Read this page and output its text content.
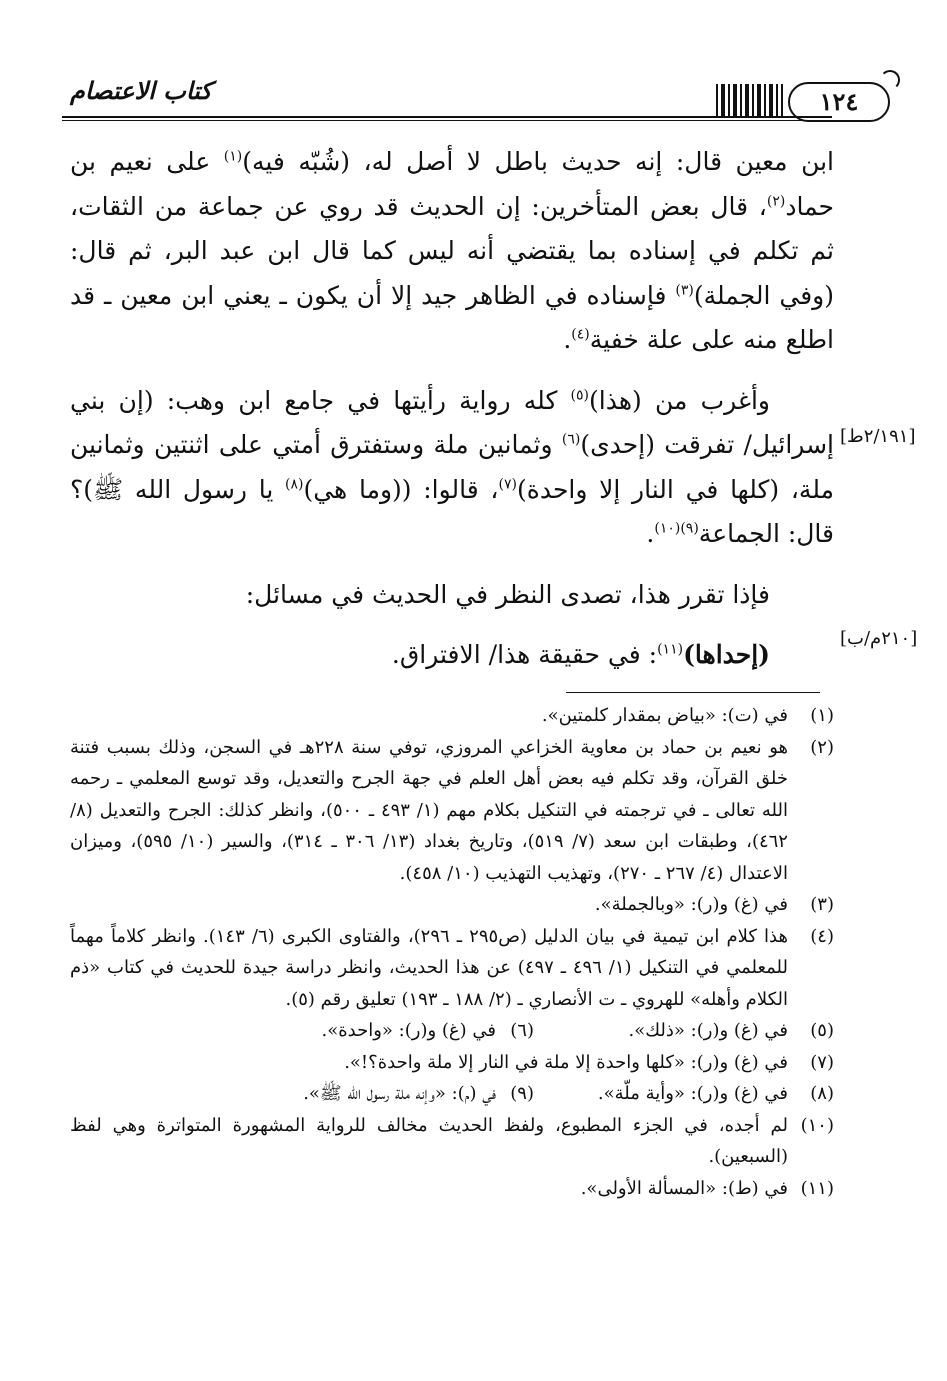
كتاب الاعتصام	١٢٤

ابن معين قال: إنه حديث باطل لا أصل له، (شُبّه فيه)$^{(١)}$ على نعيم بن حماد$^{(٢)}$، قال بعض المتأخرين: إن الحديث قد روي عن جماعة من الثقات، ثم تكلم في إسناده بما يقتضي أنه ليس كما قال ابن عبد البر، ثم قال: (وفي الجملة)$^{(٣)}$ فإسناده في الظاهر جيد إلا أن يكون ـ يعني ابن معين ـ قد اطلع منه على علة خفية$^{(٤)}$.

وأغرب من (هذا)$^{(٥)}$ كله رواية رأيتها في جامع ابن وهب: (إن بني إسرائيل/ تفرقت (إحدى)$^{(٦)}$ وثمانين ملة وستفترق أمتي على اثنتين وثمانين ملة، (كلها في النار إلا واحدة)$^{(٧)}$، قالوا: ((وما هي)$^{(٨)}$ يا رسول الله ﷺ)؟ قال: الجماعة$^{(٩)(١٠)}$.

فإذا تقرر هذا، تصدى النظر في الحديث في مسائل:

(إحداها)$^{(١١)}$: في حقيقة هذا/ الافتراق.

[٢/١٩١ط]
[٢١٠م/ب]
(١)
في (ت): «بياض بمقدار كلمتين».
(٢)
هو نعيم بن حماد بن معاوية الخزاعي المروزي، توفي سنة ٢٢٨هـ في السجن، وذلك بسبب فتنة خلق القرآن، وقد تكلم فيه بعض أهل العلم في جهة الجرح والتعديل، وقد توسع المعلمي ـ رحمه الله تعالى ـ في ترجمته في التنكيل بكلام مهم (١/ ٤٩٣ ـ ٥٠٠)، وانظر كذلك: الجرح والتعديل (٨/ ٤٦٢)، وطبقات ابن سعد (٧/ ٥١٩)، وتاريخ بغداد (١٣/ ٣٠٦ ـ ٣١٤)، والسير (١٠/ ٥٩٥)، وميزان الاعتدال (٤/ ٢٦٧ ـ ٢٧٠)، وتهذيب التهذيب (١٠/ ٤٥٨).
(٣)
في (غ) و(ر): «وبالجملة».
(٤)
هذا كلام ابن تيمية في بيان الدليل (ص٢٩٥ ـ ٢٩٦)، والفتاوى الكبرى (٦/ ١٤٣). وانظر كلاماً مهماً للمعلمي في التنكيل (١/ ٤٩٦ ـ ٤٩٧) عن هذا الحديث، وانظر دراسة جيدة للحديث في كتاب «ذم الكلام وأهله» للهروي ـ ت الأنصاري ـ (٢/ ١٨٨ ـ ١٩٣) تعليق رقم (٥).
(٥)
في (غ) و(ر): «ذلك».
(٦)
في (غ) و(ر): «واحدة».
(٧)
في (غ) و(ر): «كلها واحدة إلا ملة في النار إلا ملة واحدة؟!».
(٨)
في (غ) و(ر): «وأية ملّة».
(٩)
في (م): «وإنه ملة رسول الله ﷺ».
(١٠)
لم أجده، في الجزء المطبوع، ولفظ الحديث مخالف للرواية المشهورة المتواترة وهي لفظ (السبعين).
(١١)
في (ط): «المسألة الأولى».
